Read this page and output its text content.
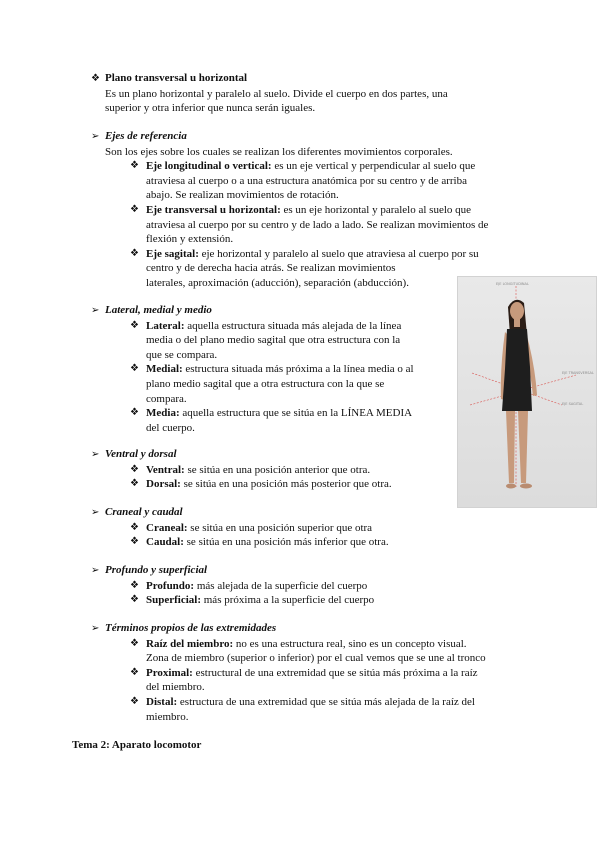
❖ Plano transversal u horizontal
Es un plano horizontal y paralelo al suelo. Divide el cuerpo en dos partes, una
superior y otra inferior que nunca serán iguales.
➢ Ejes de referencia
Son los ejes sobre los cuales se realizan los diferentes movimientos corporales.
❖ Eje longitudinal o vertical: es un eje vertical y perpendicular al suelo que
atraviesa al cuerpo o a una estructura anatómica por su centro y de arriba
abajo. Se realizan movimientos de rotación.
❖ Eje transversal u horizontal: es un eje horizontal y paralelo al suelo que
atraviesa al cuerpo por su centro y de lado a lado. Se realizan movimientos de
flexión y extensión.
❖ Eje sagital: eje horizontal y paralelo al suelo que atraviesa al cuerpo por su
centro y de derecha hacia atrás. Se realizan movimientos
laterales, aproximación (aducción), separación (abducción).
➢ Lateral, medial y medio
❖ Lateral: aquella estructura situada más alejada de la línea
media o del plano medio sagital que otra estructura con la
que se compara.
❖ Medial: estructura situada más próxima a la línea media o al
plano medio sagital que a otra estructura con la que se
compara.
❖ Media: aquella estructura que se sitúa en la LÍNEA MEDIA
del cuerpo.
➢ Ventral y dorsal
❖ Ventral: se sitúa en una posición anterior que otra.
❖ Dorsal: se sitúa en una posición más posterior que otra.
➢ Craneal y caudal
❖ Craneal: se sitúa en una posición superior que otra
❖ Caudal: se sitúa en una posición más inferior que otra.
➢ Profundo y superficial
❖ Profundo: más alejada de la superficie del cuerpo
❖ Superficial: más próxima a la superficie del cuerpo
➢ Términos propios de las extremidades
❖ Raíz del miembro: no es una estructura real, sino es un concepto visual.
Zona de miembro (superior o inferior) por el cual vemos que se une al tronco
❖ Proximal: estructural de una extremidad que se sitúa más próxima a la raíz
del miembro.
❖ Distal: estructura de una extremidad que se sitúa más alejada de la raíz del
miembro.
Tema 2: Aparato locomotor
EJE LONGITUDINAL
EJE TRANSVERSAL
EJE SAGITAL
